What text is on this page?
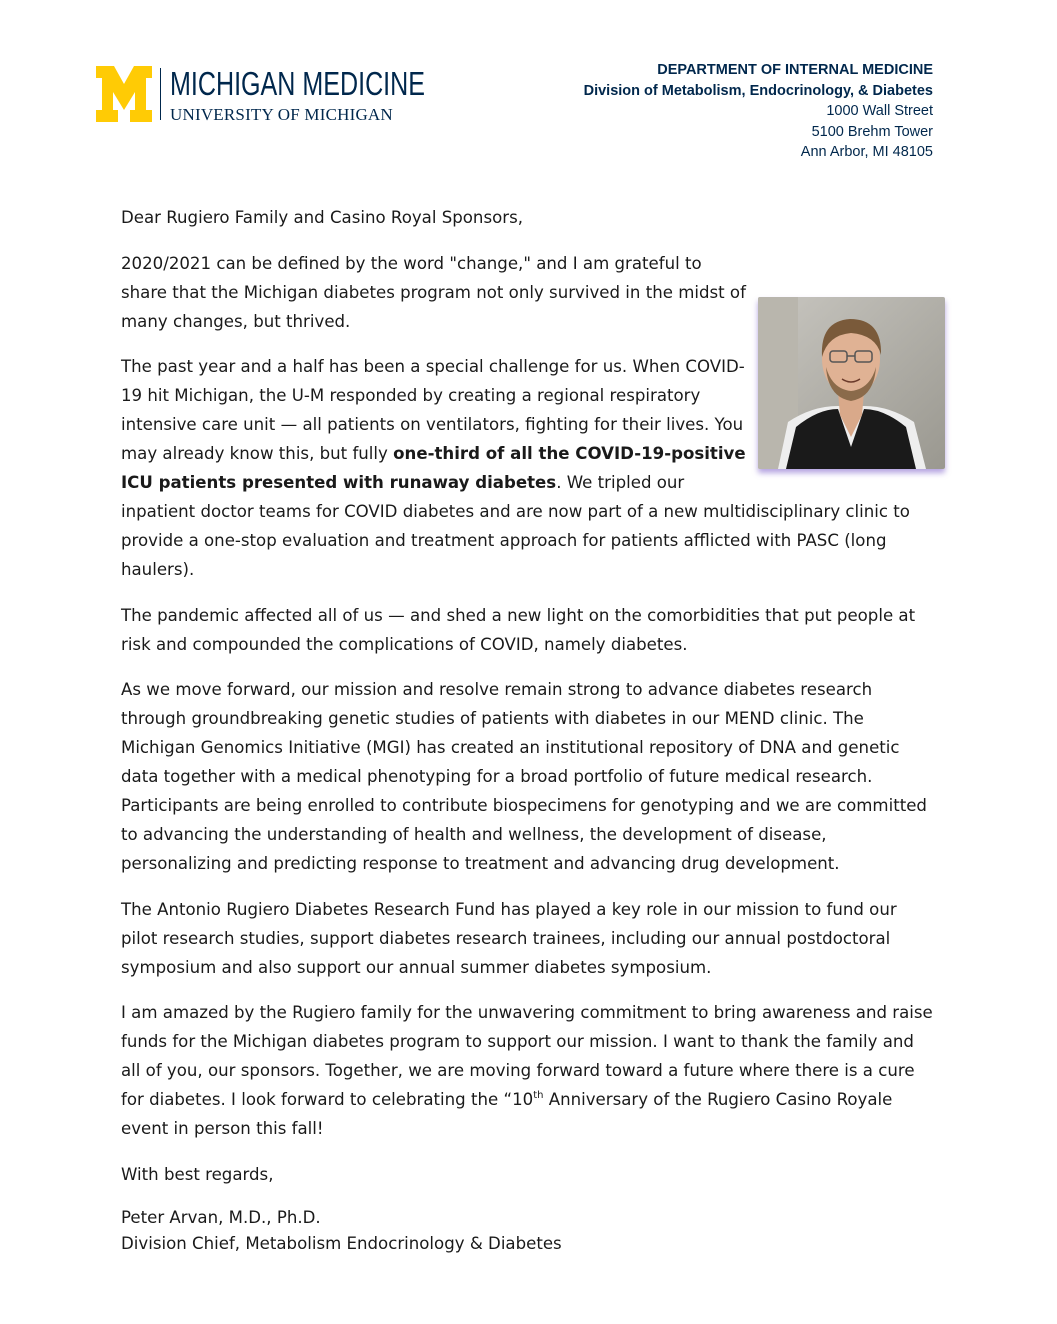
MICHIGAN MEDICINE
UNIVERSITY OF MICHIGAN
DEPARTMENT OF INTERNAL MEDICINE
Division of Metabolism, Endocrinology, & Diabetes
1000 Wall Street
5100 Brehm Tower
Ann Arbor, MI 48105

Dear Rugiero Family and Casino Royal Sponsors,

2020/2021 can be defined by the word "change," and I am grateful to share that the Michigan diabetes program not only survived in the midst of many changes, but thrived.

The past year and a half has been a special challenge for us. When COVID-19 hit Michigan, the U-M responded by creating a regional respiratory intensive care unit — all patients on ventilators, fighting for their lives. You may already know this, but fully one-third of all the COVID-19-positive ICU patients presented with runaway diabetes. We tripled our inpatient doctor teams for COVID diabetes and are now part of a new multidisciplinary clinic to provide a one-stop evaluation and treatment approach for patients afflicted with PASC (long haulers).

The pandemic affected all of us — and shed a new light on the comorbidities that put people at risk and compounded the complications of COVID, namely diabetes.

As we move forward, our mission and resolve remain strong to advance diabetes research through groundbreaking genetic studies of patients with diabetes in our MEND clinic. The Michigan Genomics Initiative (MGI) has created an institutional repository of DNA and genetic data together with a medical phenotyping for a broad portfolio of future medical research. Participants are being enrolled to contribute biospecimens for genotyping and we are committed to advancing the understanding of health and wellness, the development of disease, personalizing and predicting response to treatment and advancing drug development.

The Antonio Rugiero Diabetes Research Fund has played a key role in our mission to fund our pilot research studies, support diabetes research trainees, including our annual postdoctoral symposium and also support our annual summer diabetes symposium.

I am amazed by the Rugiero family for the unwavering commitment to bring awareness and raise funds for the Michigan diabetes program to support our mission. I want to thank the family and all of you, our sponsors. Together, we are moving forward toward a future where there is a cure for diabetes. I look forward to celebrating the “10th Anniversary of the Rugiero Casino Royale event in person this fall!

With best regards,

Peter Arvan, M.D., Ph.D.

Division Chief, Metabolism Endocrinology & Diabetes
